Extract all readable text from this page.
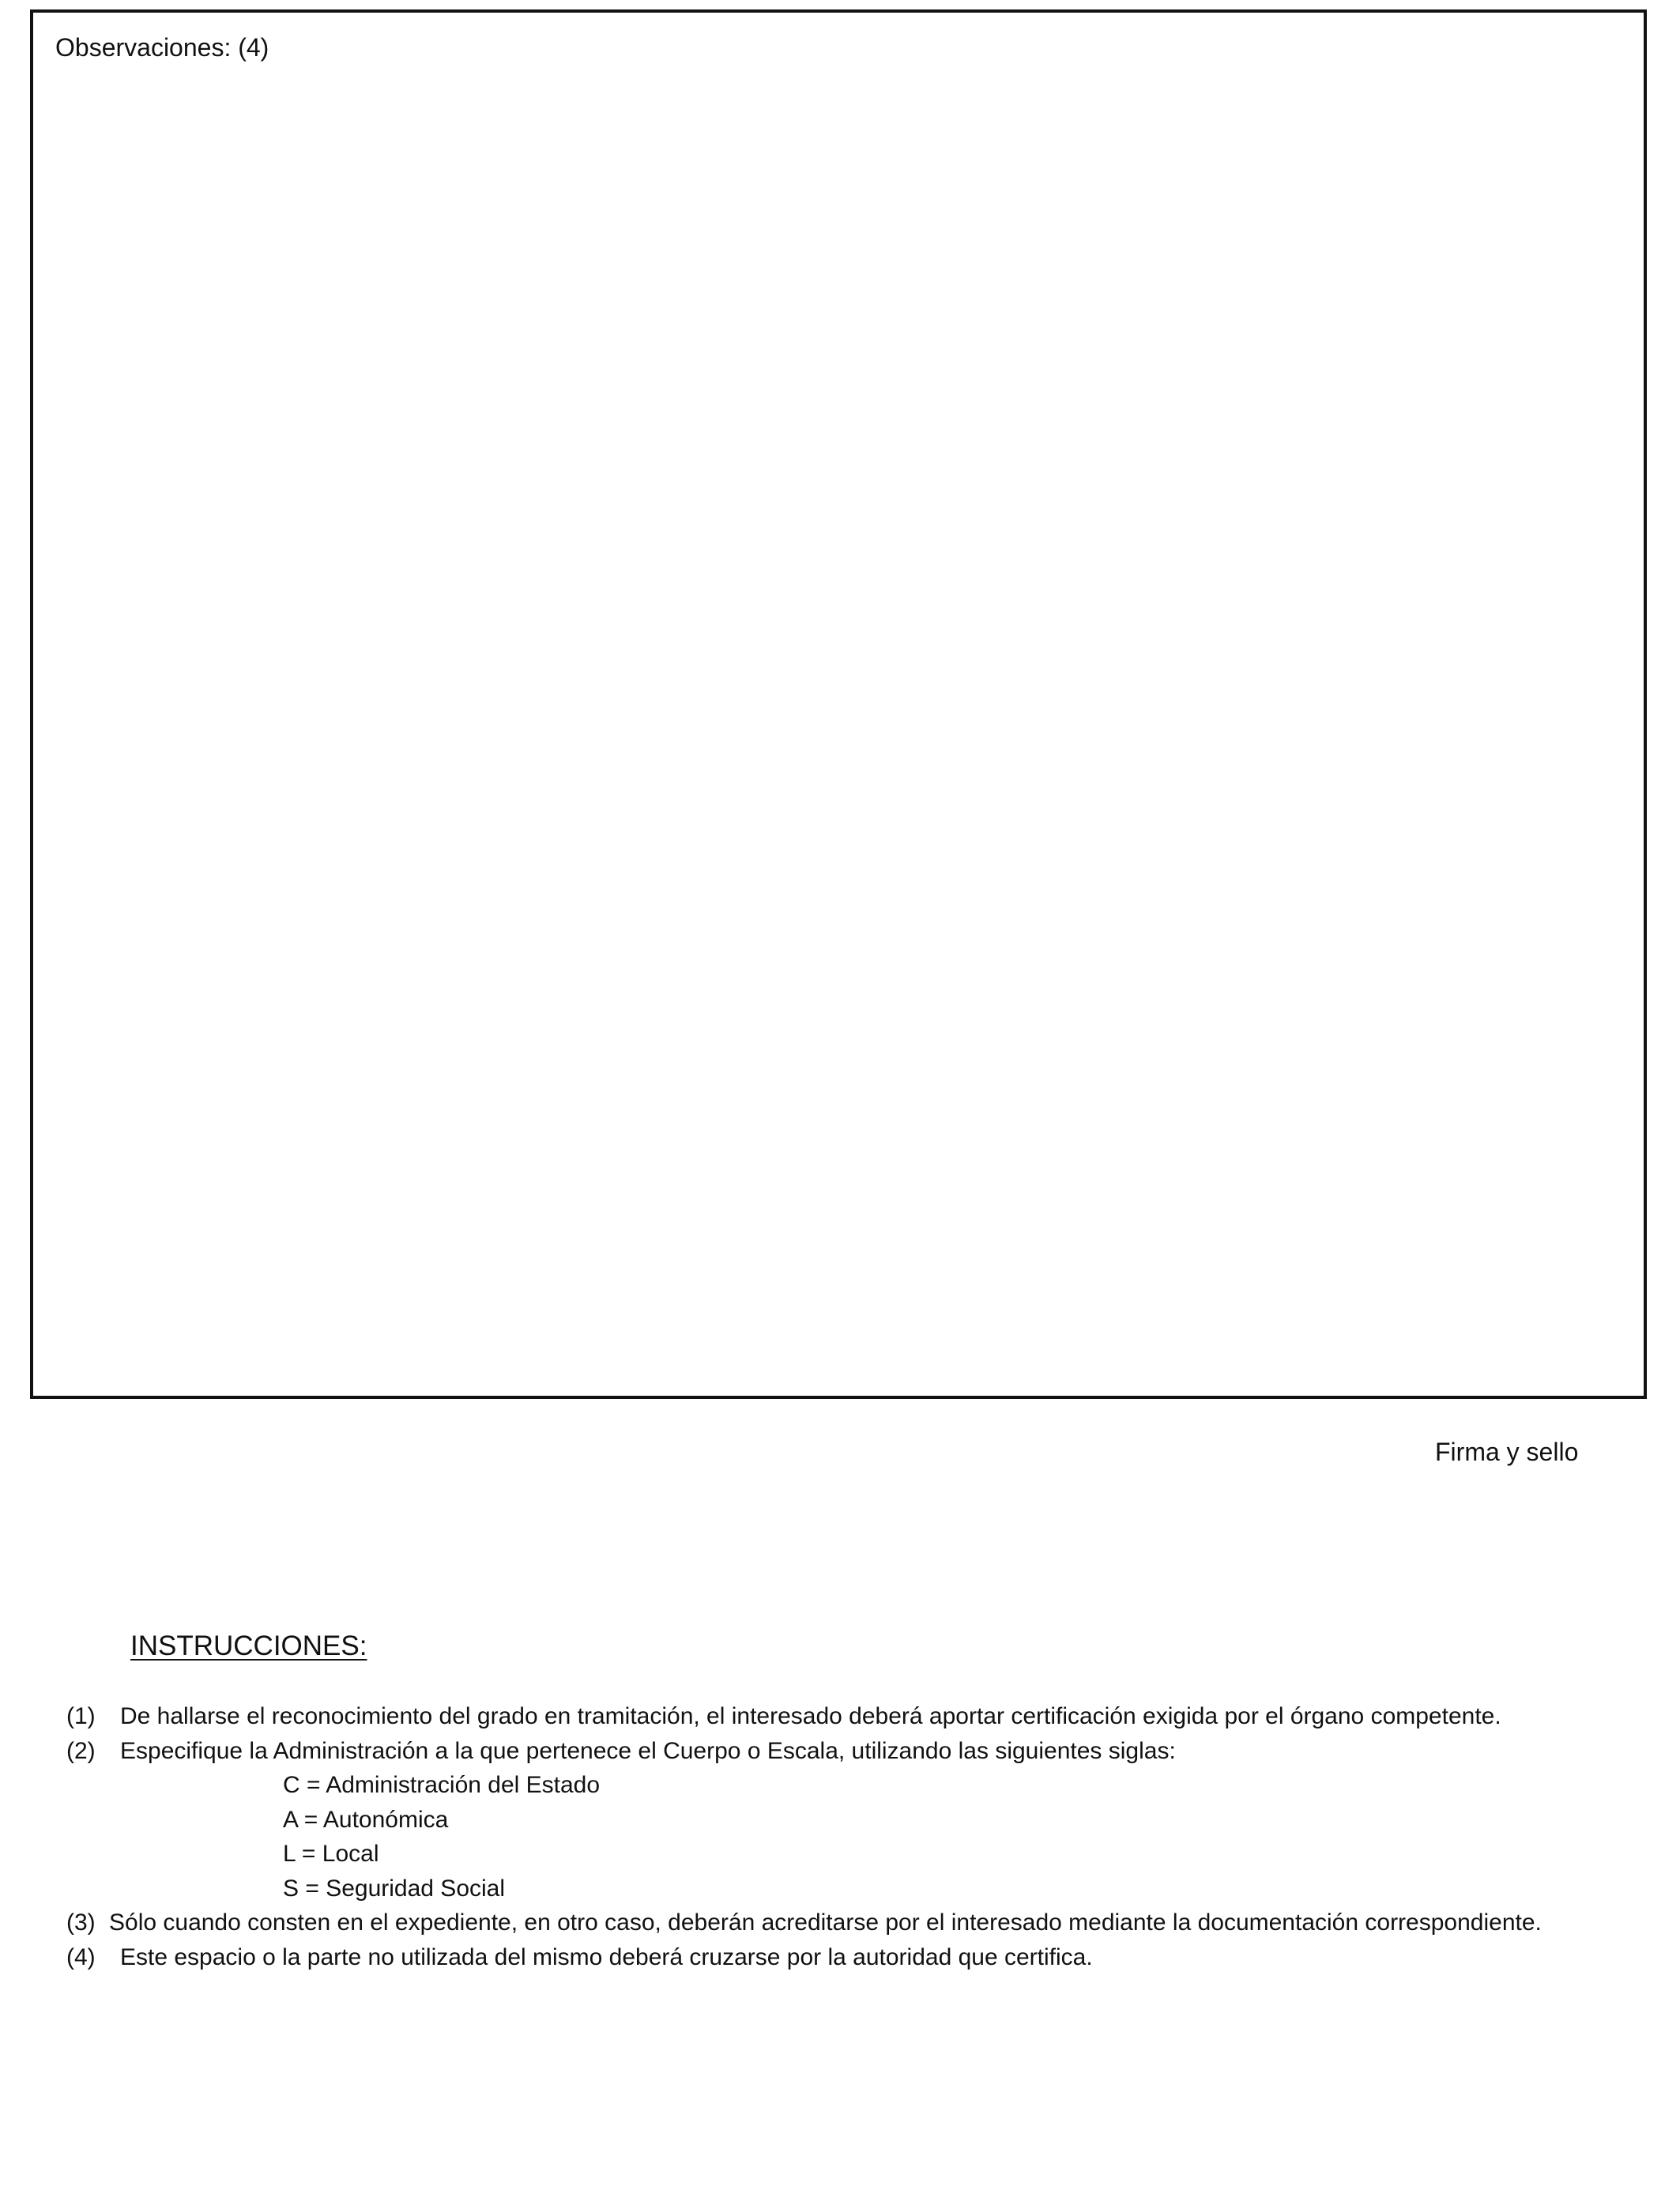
Observaciones: (4)
Firma y sello
INSTRUCCIONES:
(1) De hallarse el reconocimiento del grado en tramitación, el interesado deberá aportar certificación exigida por el órgano competente.
(2) Especifique la Administración a la que pertenece el Cuerpo o Escala, utilizando las siguientes siglas:
C = Administración del Estado
A = Autonómica
L = Local
S = Seguridad Social
(3) Sólo cuando consten en el expediente, en otro caso, deberán acreditarse por el interesado mediante la documentación correspondiente.
(4) Este espacio o la parte no utilizada del mismo deberá cruzarse por la autoridad que certifica.
